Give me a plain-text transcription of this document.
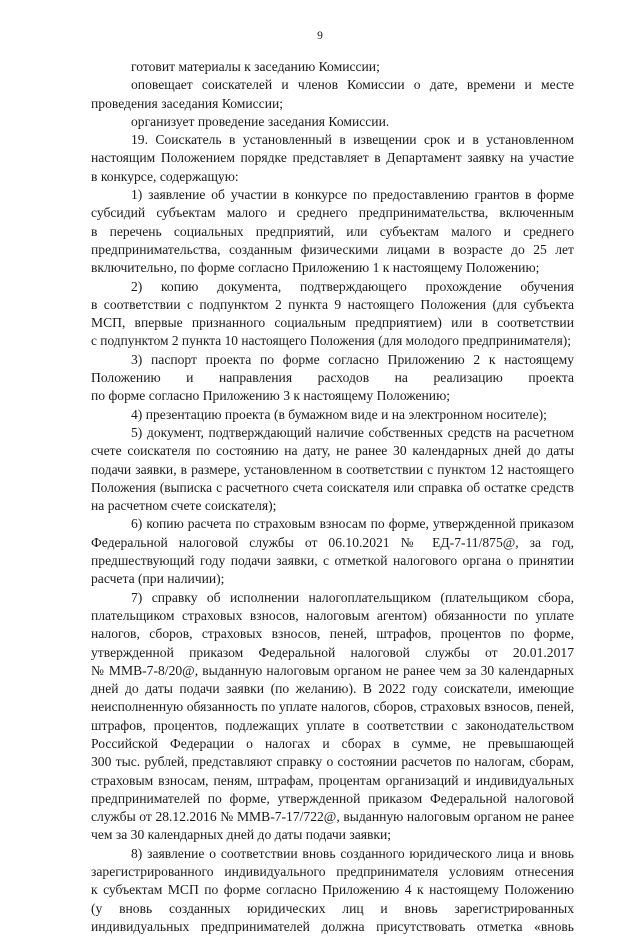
9
готовит материалы к заседанию Комиссии;
оповещает соискателей и членов Комиссии о дате, времени и месте
проведения заседания Комиссии;
организует проведение заседания Комиссии.
19. Соискатель в установленный в извещении срок и в установленном
настоящим Положением порядке представляет в Департамент заявку на участие
в конкурсе, содержащую:
1) заявление об участии в конкурсе по предоставлению грантов в форме
субсидий субъектам малого и среднего предпринимательства, включенным
в перечень социальных предприятий, или субъектам малого и среднего
предпринимательства, созданным физическими лицами в возрасте до 25 лет
включительно, по форме согласно Приложению 1 к настоящему Положению;
2) копию документа, подтверждающего прохождение обучения
в соответствии с подпунктом 2 пункта 9 настоящего Положения (для субъекта
МСП, впервые признанного социальным предприятием) или в соответствии
с подпунктом 2 пункта 10 настоящего Положения (для молодого предпринимателя);
3) паспорт проекта по форме согласно Приложению 2 к настоящему
Положению и направления расходов на реализацию проекта
по форме согласно Приложению 3 к настоящему Положению;
4) презентацию проекта (в бумажном виде и на электронном носителе);
5) документ, подтверждающий наличие собственных средств на расчетном
счете соискателя по состоянию на дату, не ранее 30 календарных дней до даты
подачи заявки, в размере, установленном в соответствии с пунктом 12 настоящего
Положения (выписка с расчетного счета соискателя или справка об остатке средств
на расчетном счете соискателя);
6) копию расчета по страховым взносам по форме, утвержденной приказом
Федеральной налоговой службы от 06.10.2021 № ЕД-7-11/875@, за год,
предшествующий году подачи заявки, с отметкой налогового органа о принятии
расчета (при наличии);
7) справку об исполнении налогоплательщиком (плательщиком сбора,
плательщиком страховых взносов, налоговым агентом) обязанности по уплате
налогов, сборов, страховых взносов, пеней, штрафов, процентов по форме,
утвержденной приказом Федеральной налоговой службы от 20.01.2017
№ ММВ-7-8/20@, выданную налоговым органом не ранее чем за 30 календарных
дней до даты подачи заявки (по желанию). В 2022 году соискатели, имеющие
неисполненную обязанность по уплате налогов, сборов, страховых взносов, пеней,
штрафов, процентов, подлежащих уплате в соответствии с законодательством
Российской Федерации о налогах и сборах в сумме, не превышающей
300 тыс. рублей, представляют справку о состоянии расчетов по налогам, сборам,
страховым взносам, пеням, штрафам, процентам организаций и индивидуальных
предпринимателей по форме, утвержденной приказом Федеральной налоговой
службы от 28.12.2016 № ММВ-7-17/722@, выданную налоговым органом не ранее
чем за 30 календарных дней до даты подачи заявки;
8) заявление о соответствии вновь созданного юридического лица и вновь
зарегистрированного индивидуального предпринимателя условиям отнесения
к субъектам МСП по форме согласно Приложению 4 к настоящему Положению
(у вновь созданных юридических лиц и вновь зарегистрированных
индивидуальных предпринимателей должна присутствовать отметка «вновь
